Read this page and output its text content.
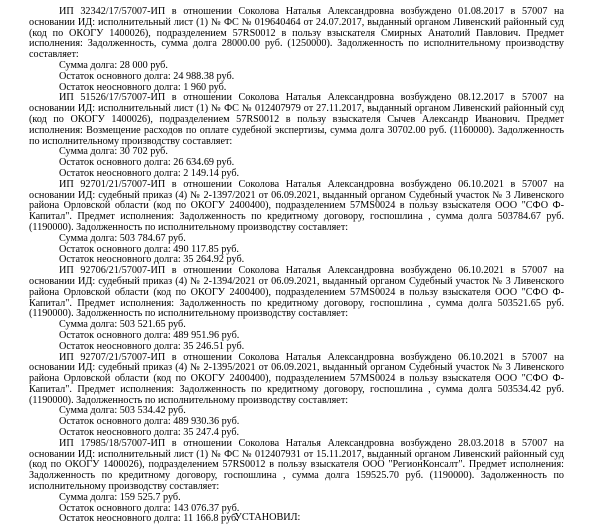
ИП 32342/17/57007-ИП в отношении Соколова Наталья Александровна возбуждено 01.08.2017 в 57007 на основании ИД: исполнительный лист (1) № ФС № 019640464 от 24.07.2017, выданный органом Ливенский районный суд (код по ОКОГУ 1400026), подразделением 57RS0012 в пользу взыскателя Смирных Анатолий Павлович. Предмет исполнения: Задолженность, сумма долга 28000.00 руб. (1250000). Задолженность по исполнительному производству составляет:

Сумма долга: 28 000 руб.
Остаток основного долга: 24 988.38 руб.
Остаток неосновного долга: 1 960 руб.

ИП 51526/17/57007-ИП в отношении Соколова Наталья Александровна возбуждено 08.12.2017 в 57007 на основании ИД: исполнительный лист (1) № ФС № 012407979 от 27.11.2017, выданный органом Ливенский районный суд (код по ОКОГУ 1400026), подразделением 57RS0012 в пользу взыскателя Сычев Александр Иванович. Предмет исполнения: Возмещение расходов по оплате судебной экспертизы, сумма долга 30702.00 руб. (1160000). Задолженность по исполнительному производству составляет:

Сумма долга: 30 702 руб.
Остаток основного долга: 26 634.69 руб.
Остаток неосновного долга: 2 149.14 руб.

ИП 92701/21/57007-ИП в отношении Соколова Наталья Александровна возбуждено 06.10.2021 в 57007 на основании ИД: судебный приказ (4) № 2-1397/2021 от 06.09.2021, выданный органом Судебный участок № 3 Ливенского района Орловской области (код по ОКОГУ 2400400), подразделением 57MS0024 в пользу взыскателя ООО "СФО Ф-Капитал". Предмет исполнения: Задолженность по кредитному договору, госпошлина , сумма долга 503784.67 руб. (1190000). Задолженность по исполнительному производству составляет:

Сумма долга: 503 784.67 руб.
Остаток основного долга: 490 117.85 руб.
Остаток неосновного долга: 35 264.92 руб.

ИП 92706/21/57007-ИП в отношении Соколова Наталья Александровна возбуждено 06.10.2021 в 57007 на основании ИД: судебный приказ (4) № 2-1394/2021 от 06.09.2021, выданный органом Судебный участок № 3 Ливенского района Орловской области (код по ОКОГУ 2400400), подразделением 57MS0024 в пользу взыскателя ООО "СФО Ф-Капитал". Предмет исполнения: Задолженность по кредитному договору, госпошлина , сумма долга 503521.65 руб. (1190000). Задолженность по исполнительному производству составляет:

Сумма долга: 503 521.65 руб.
Остаток основного долга: 489 951.96 руб.
Остаток неосновного долга: 35 246.51 руб.

ИП 92707/21/57007-ИП в отношении Соколова Наталья Александровна возбуждено 06.10.2021 в 57007 на основании ИД: судебный приказ (4) № 2-1395/2021 от 06.09.2021, выданный органом Судебный участок № 3 Ливенского района Орловской области (код по ОКОГУ 2400400), подразделением 57MS0024 в пользу взыскателя ООО "СФО Ф-Капитал". Предмет исполнения: Задолженность по кредитному договору, госпошлина , сумма долга 503534.42 руб. (1190000). Задолженность по исполнительному производству составляет:

Сумма долга: 503 534.42 руб.
Остаток основного долга: 489 930.36 руб.
Остаток неосновного долга: 35 247.4 руб.

ИП 17985/18/57007-ИП в отношении Соколова Наталья Александровна возбуждено 28.03.2018 в 57007 на основании ИД: исполнительный лист (1) № ФС № 012407931 от 15.11.2017, выданный органом Ливенский районный суд (код по ОКОГУ 1400026), подразделением 57RS0012 в пользу взыскателя ООО "РегионКонсалт". Предмет исполнения: Задолженность по кредитному договору, госпошлина , сумма долга 159525.70 руб. (1190000). Задолженность по исполнительному производству составляет:

Сумма долга: 159 525.7 руб.
Остаток основного долга: 143 076.37 руб.
Остаток неосновного долга: 11 166.8 руб.
УСТАНОВИЛ:
